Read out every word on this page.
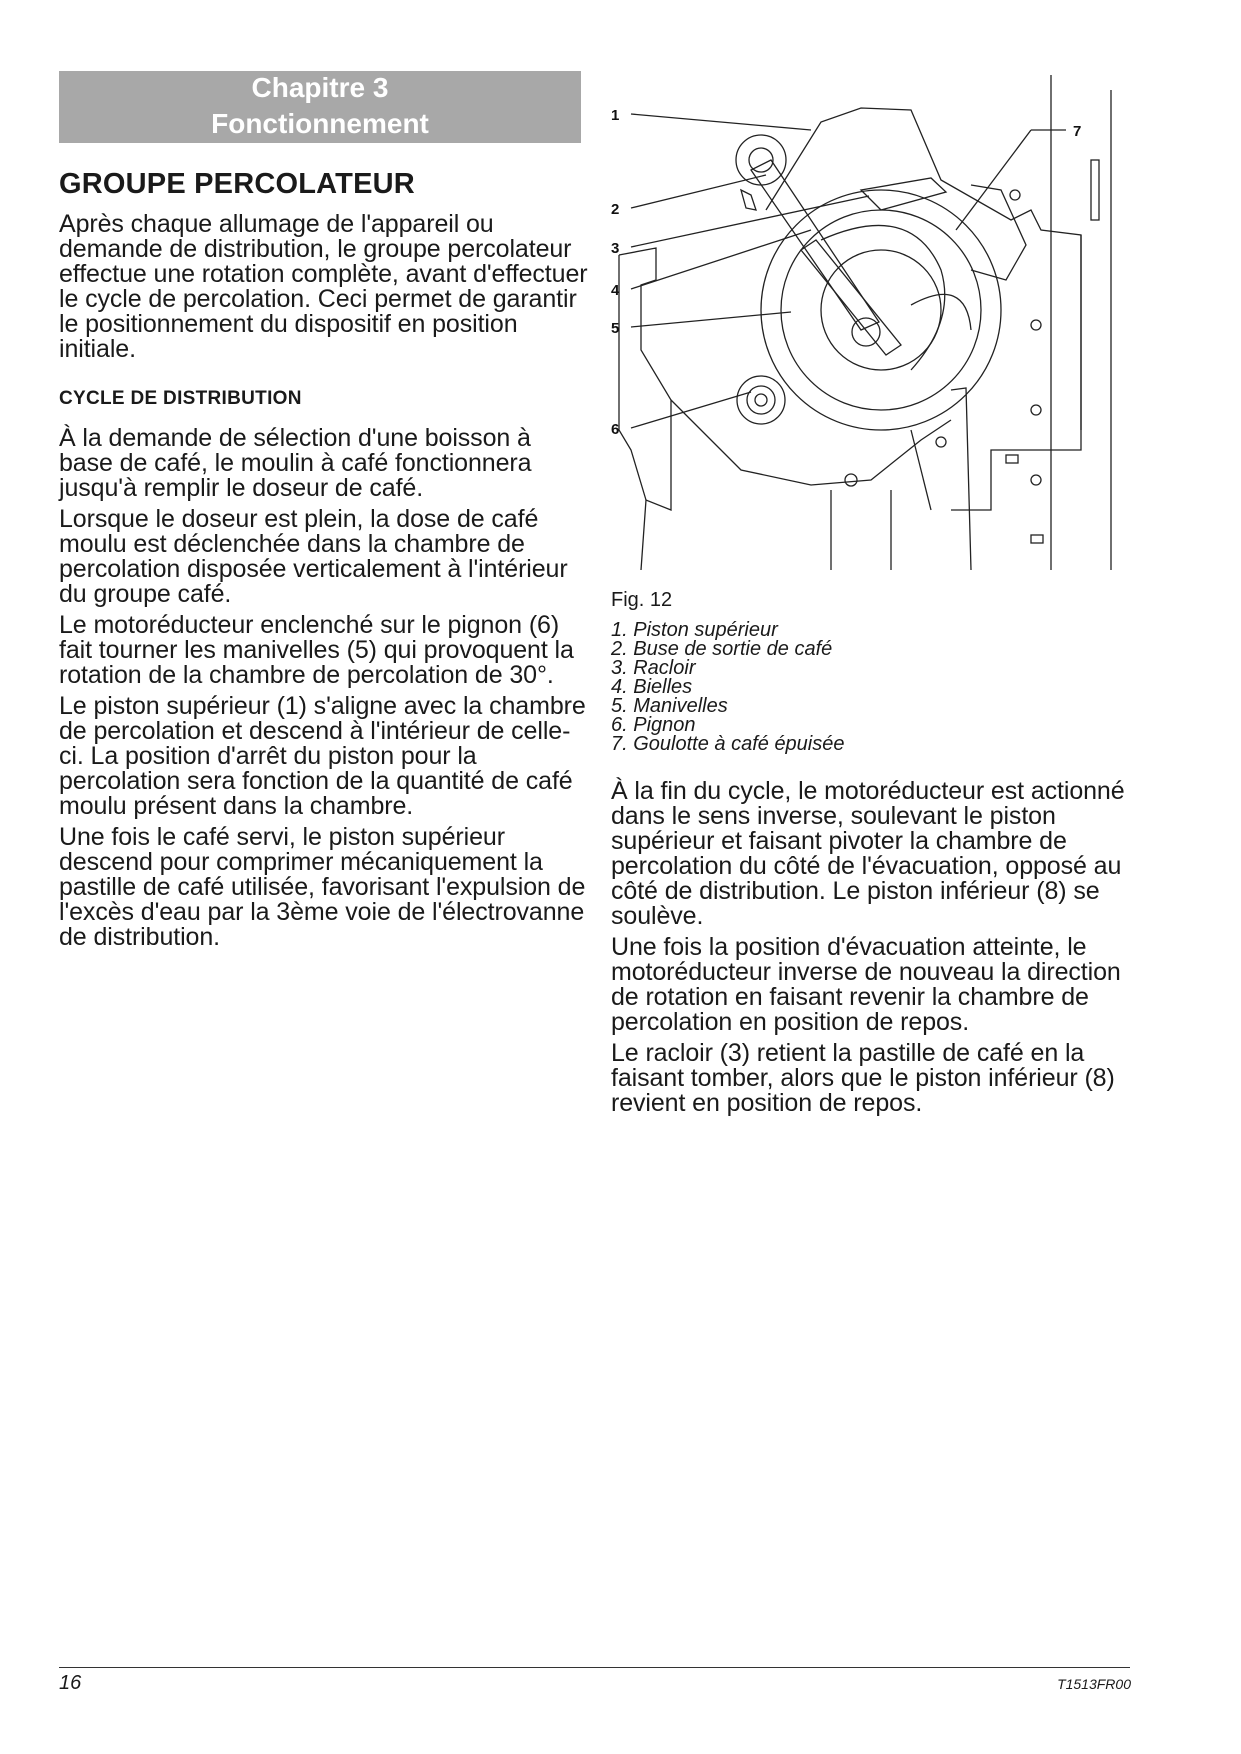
Chapitre 3
Fonctionnement
GROUPE PERCOLATEUR

Après chaque allumage de l'appareil ou demande de distribution, le groupe percolateur effectue une rotation complète, avant d'effectuer le cycle de percolation. Ceci permet de garantir le positionnement du dispositif en position initiale.

CYCLE DE DISTRIBUTION

À la demande de sélection d'une boisson à base de café, le moulin à café fonctionnera jusqu'à remplir le doseur de café.

Lorsque le doseur est plein, la dose de café moulu est déclenchée dans la chambre de percolation disposée verticalement à l'intérieur du groupe café.

Le motoréducteur enclenché sur le pignon (6) fait tourner les manivelles (5) qui provoquent la rotation de la chambre de percolation de 30°.

Le piston supérieur (1) s'aligne avec la chambre de percolation et descend à l'intérieur de celle-ci. La position d'arrêt du piston pour la percolation sera fonction de la quantité de café moulu présent dans la chambre.

Une fois le café servi, le piston supérieur descend pour comprimer mécaniquement la pastille de café utilisée, favorisant l'expulsion de l'excès d'eau par la 3ème voie de l'électrovanne de distribution.

1
2
3
4
5
6
7
Fig. 12
1. Piston supérieur
2. Buse de sortie de café
3. Racloir
4. Bielles
5. Manivelles
6. Pignon
7. Goulotte à café épuisée

À la fin du cycle, le motoréducteur est actionné dans le sens inverse, soulevant le piston supérieur et faisant pivoter la chambre de percolation du côté de l'évacuation, opposé au côté de distribution. Le piston inférieur (8) se soulève.

Une fois la position d'évacuation atteinte, le motoréducteur inverse de nouveau la direction de rotation en faisant revenir la chambre de percolation en position de repos.

Le racloir (3) retient la pastille de café en la faisant tomber, alors que le piston inférieur (8) revient en position de repos.

16	T1513FR00
